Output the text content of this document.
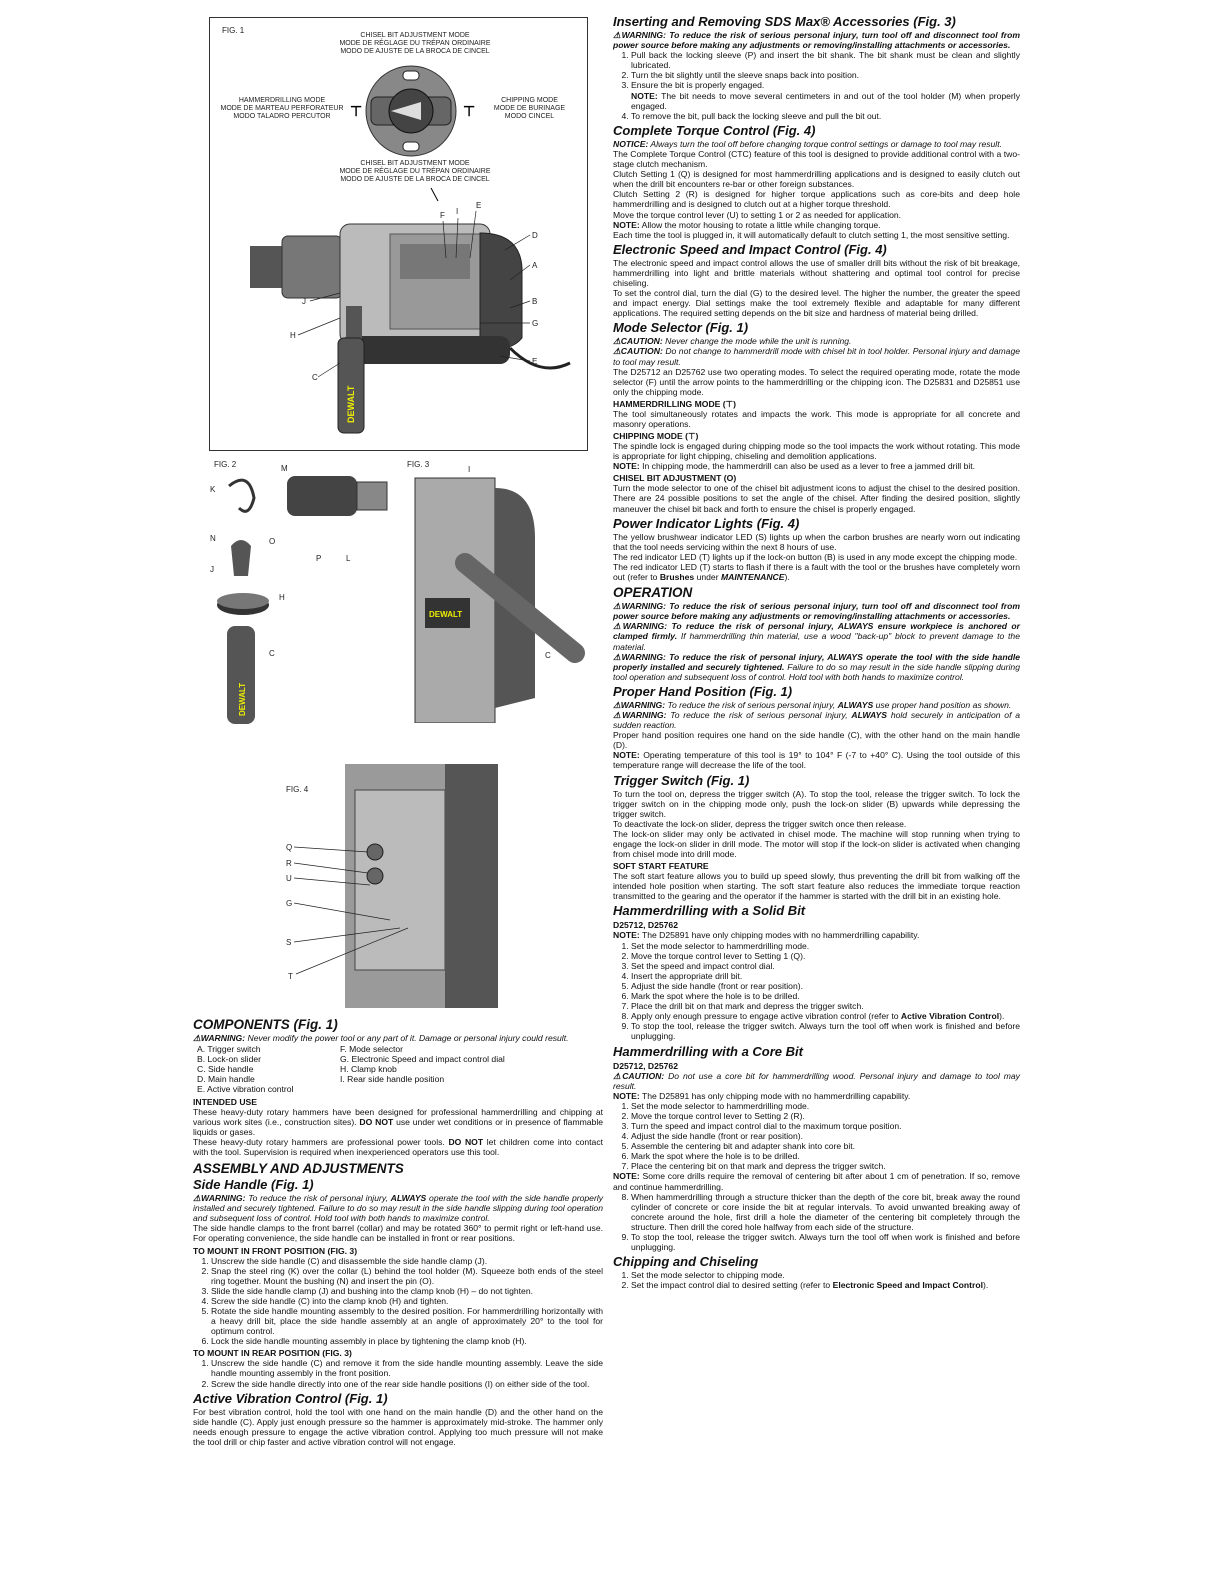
FIG. 1
CHISEL BIT ADJUSTMENT MODE
MODE DE RÉGLAGE DU TRÉPAN ORDINAIRE
MODO DE AJUSTE DE LA BROCA DE CINCEL
HAMMERDRILLING MODE
MODE DE MARTEAU PERFORATEUR
MODO TALADRO PERCUTOR
CHIPPING MODE
MODE DE BURINAGE
MODO CINCEL
CHISEL BIT ADJUSTMENT MODE
MODE DE RÉGLAGE DU TRÉPAN ORDINAIRE
MODO DE AJUSTE DE LA BROCA DE CINCEL
⊤	⊤
DEWALT
F I
E
D
A
J	B
G
H
E
C
FIG. 2
DEWALT
M
K
N	O
P	L
J
H
C
FIG. 3
DEWALT
I
C
FIG. 4
Q
R
U
G
S
T
COMPONENTS (Fig. 1)

⚠WARNING: Never modify the power tool or any part of it. Damage or personal injury could result.

A. Trigger switch	F. Mode selector
B. Lock-on slider	G. Electronic Speed and impact control dial
C. Side handle	H. Clamp knob
D. Main handle	I. Rear side handle position
E. Active vibration control
INTENDED USE

These heavy-duty rotary hammers have been designed for professional hammerdrilling and chipping at various work sites (i.e., construction sites). DO NOT use under wet conditions or in presence of flammable liquids or gases.

These heavy-duty rotary hammers are professional power tools. DO NOT let children come into contact with the tool. Supervision is required when inexperienced operators use this tool.

ASSEMBLY AND ADJUSTMENTS
Side Handle (Fig. 1)

⚠WARNING: To reduce the risk of personal injury, ALWAYS operate the tool with the side handle properly installed and securely tightened. Failure to do so may result in the side handle slipping during tool operation and subsequent loss of control. Hold tool with both hands to maximize control.

The side handle clamps to the front barrel (collar) and may be rotated 360° to permit right or left-hand use. For operating convenience, the side handle can be installed in front or rear positions.

TO MOUNT IN FRONT POSITION (FIG. 3)
1. Unscrew the side handle (C) and disassemble the side handle clamp (J).
2. Snap the steel ring (K) over the collar (L) behind the tool holder (M). Squeeze both ends of the steel ring together. Mount the bushing (N) and insert the pin (O).
3. Slide the side handle clamp (J) and bushing into the clamp knob (H) – do not tighten.
4. Screw the side handle (C) into the clamp knob (H) and tighten.
5. Rotate the side handle mounting assembly to the desired position. For hammerdrilling horizontally with a heavy drill bit, place the side handle assembly at an angle of approximately 20° to the tool for optimum control.
6. Lock the side handle mounting assembly in place by tightening the clamp knob (H).
TO MOUNT IN REAR POSITION (FIG. 3)
1. Unscrew the side handle (C) and remove it from the side handle mounting assembly. Leave the side handle mounting assembly in the front position.
2. Screw the side handle directly into one of the rear side handle positions (I) on either side of the tool.
Active Vibration Control (Fig. 1)

For best vibration control, hold the tool with one hand on the main handle (D) and the other hand on the side handle (C). Apply just enough pressure so the hammer is approximately mid-stroke. The hammer only needs enough pressure to engage the active vibration control. Applying too much pressure will not make the tool drill or chip faster and active vibration control will not engage.

Inserting and Removing SDS Max® Accessories (Fig. 3)

⚠WARNING: To reduce the risk of serious personal injury, turn tool off and disconnect tool from power source before making any adjustments or removing/installing attachments or accessories.

1. Pull back the locking sleeve (P) and insert the bit shank. The bit shank must be clean and slightly lubricated.
2. Turn the bit slightly until the sleeve snaps back into position.
3. Ensure the bit is properly engaged.
NOTE: The bit needs to move several centimeters in and out of the tool holder (M) when properly engaged.
4. To remove the bit, pull back the locking sleeve and pull the bit out.
Complete Torque Control (Fig. 4)

NOTICE: Always turn the tool off before changing torque control settings or damage to tool may result.

The Complete Torque Control (CTC) feature of this tool is designed to provide additional control with a two-stage clutch mechanism.

Clutch Setting 1 (Q) is designed for most hammerdrilling applications and is designed to easily clutch out when the drill bit encounters re-bar or other foreign substances.

Clutch Setting 2 (R) is designed for higher torque applications such as core-bits and deep hole hammerdrilling and is designed to clutch out at a higher torque threshold.

Move the torque control lever (U) to setting 1 or 2 as needed for application.

NOTE: Allow the motor housing to rotate a little while changing torque.

Each time the tool is plugged in, it will automatically default to clutch setting 1, the most sensitive setting.

Electronic Speed and Impact Control (Fig. 4)

The electronic speed and impact control allows the use of smaller drill bits without the risk of bit breakage, hammerdrilling into light and brittle materials without shattering and optimal tool control for precise chiseling.

To set the control dial, turn the dial (G) to the desired level. The higher the number, the greater the speed and impact energy. Dial settings make the tool extremely flexible and adaptable for many different applications. The required setting depends on the bit size and hardness of material being drilled.

Mode Selector (Fig. 1)

⚠CAUTION: Never change the mode while the unit is running.

⚠CAUTION: Do not change to hammerdrill mode with chisel bit in tool holder. Personal injury and damage to tool may result.

The D25712 an D25762 use two operating modes. To select the required operating mode, rotate the mode selector (F) until the arrow points to the hammerdrilling or the chipping icon. The D25831 and D25851 use only the chipping mode.

HAMMERDRILLING MODE (⊤)

The tool simultaneously rotates and impacts the work. This mode is appropriate for all concrete and masonry operations.

CHIPPING MODE (⊤)

The spindle lock is engaged during chipping mode so the tool impacts the work without rotating. This mode is appropriate for light chipping, chiseling and demolition applications.

NOTE: In chipping mode, the hammerdrill can also be used as a lever to free a jammed drill bit.

CHISEL BIT ADJUSTMENT (O)

Turn the mode selector to one of the chisel bit adjustment icons to adjust the chisel to the desired position. There are 24 possible positions to set the angle of the chisel. After finding the desired position, slightly maneuver the chisel bit back and forth to ensure the chisel is properly engaged.

Power Indicator Lights (Fig. 4)

The yellow brushwear indicator LED (S) lights up when the carbon brushes are nearly worn out indicating that the tool needs servicing within the next 8 hours of use.

The red indicator LED (T) lights up if the lock-on button (B) is used in any mode except the chipping mode.

The red indicator LED (T) starts to flash if there is a fault with the tool or the brushes have completely worn out (refer to Brushes under MAINTENANCE).

OPERATION

⚠WARNING: To reduce the risk of serious personal injury, turn tool off and disconnect tool from power source before making any adjustments or removing/installing attachments or accessories.

⚠WARNING: To reduce the risk of personal injury, ALWAYS ensure workpiece is anchored or clamped firmly. If hammerdrilling thin material, use a wood "back-up" block to prevent damage to the material.

⚠WARNING: To reduce the risk of personal injury, ALWAYS operate the tool with the side handle properly installed and securely tightened. Failure to do so may result in the side handle slipping during tool operation and subsequent loss of control. Hold tool with both hands to maximize control.

Proper Hand Position (Fig. 1)

⚠WARNING: To reduce the risk of serious personal injury, ALWAYS use proper hand position as shown.

⚠WARNING: To reduce the risk of serious personal injury, ALWAYS hold securely in anticipation of a sudden reaction.

Proper hand position requires one hand on the side handle (C), with the other hand on the main handle (D).

NOTE: Operating temperature of this tool is 19° to 104° F (-7 to +40° C). Using the tool outside of this temperature range will decrease the life of the tool.

Trigger Switch (Fig. 1)

To turn the tool on, depress the trigger switch (A). To stop the tool, release the trigger switch. To lock the trigger switch on in the chipping mode only, push the lock-on slider (B) upwards while depressing the trigger switch.

To deactivate the lock-on slider, depress the trigger switch once then release.

The lock-on slider may only be activated in chisel mode. The machine will stop running when trying to engage the lock-on slider in drill mode. The motor will stop if the lock-on slider is activated when changing from chisel mode into drill mode.

SOFT START FEATURE

The soft start feature allows you to build up speed slowly, thus preventing the drill bit from walking off the intended hole position when starting. The soft start feature also reduces the immediate torque reaction transmitted to the gearing and the operator if the hammer is started with the drill bit in an existing hole.

Hammerdrilling with a Solid Bit
D25712, D25762

NOTE: The D25891 have only chipping modes with no hammerdrilling capability.

1. Set the mode selector to hammerdrilling mode.
2. Move the torque control lever to Setting 1 (Q).
3. Set the speed and impact control dial.
4. Insert the appropriate drill bit.
5. Adjust the side handle (front or rear position).
6. Mark the spot where the hole is to be drilled.
7. Place the drill bit on that mark and depress the trigger switch.
8. Apply only enough pressure to engage active vibration control (refer to Active Vibration Control).
9. To stop the tool, release the trigger switch. Always turn the tool off when work is finished and before unplugging.
Hammerdrilling with a Core Bit
D25712, D25762

⚠CAUTION: Do not use a core bit for hammerdrilling wood. Personal injury and damage to tool may result.

NOTE: The D25891 has only chipping mode with no hammerdrilling capability.

1. Set the mode selector to hammerdrilling mode.
2. Move the torque control lever to Setting 2 (R).
3. Turn the speed and impact control dial to the maximum torque position.
4. Adjust the side handle (front or rear position).
5. Assemble the centering bit and adapter shank into core bit.
6. Mark the spot where the hole is to be drilled.
7. Place the centering bit on that mark and depress the trigger switch.

NOTE: Some core drills require the removal of centering bit after about 1 cm of penetration. If so, remove and continue hammerdrilling.

8. When hammerdrilling through a structure thicker than the depth of the core bit, break away the round cylinder of concrete or core inside the bit at regular intervals. To avoid unwanted breaking away of concrete around the hole, first drill a hole the diameter of the centering bit completely through the structure. Then drill the cored hole halfway from each side of the structure.
9. To stop the tool, release the trigger switch. Always turn the tool off when work is finished and before unplugging.
Chipping and Chiseling
1. Set the mode selector to chipping mode.
2. Set the impact control dial to desired setting (refer to Electronic Speed and Impact Control).
